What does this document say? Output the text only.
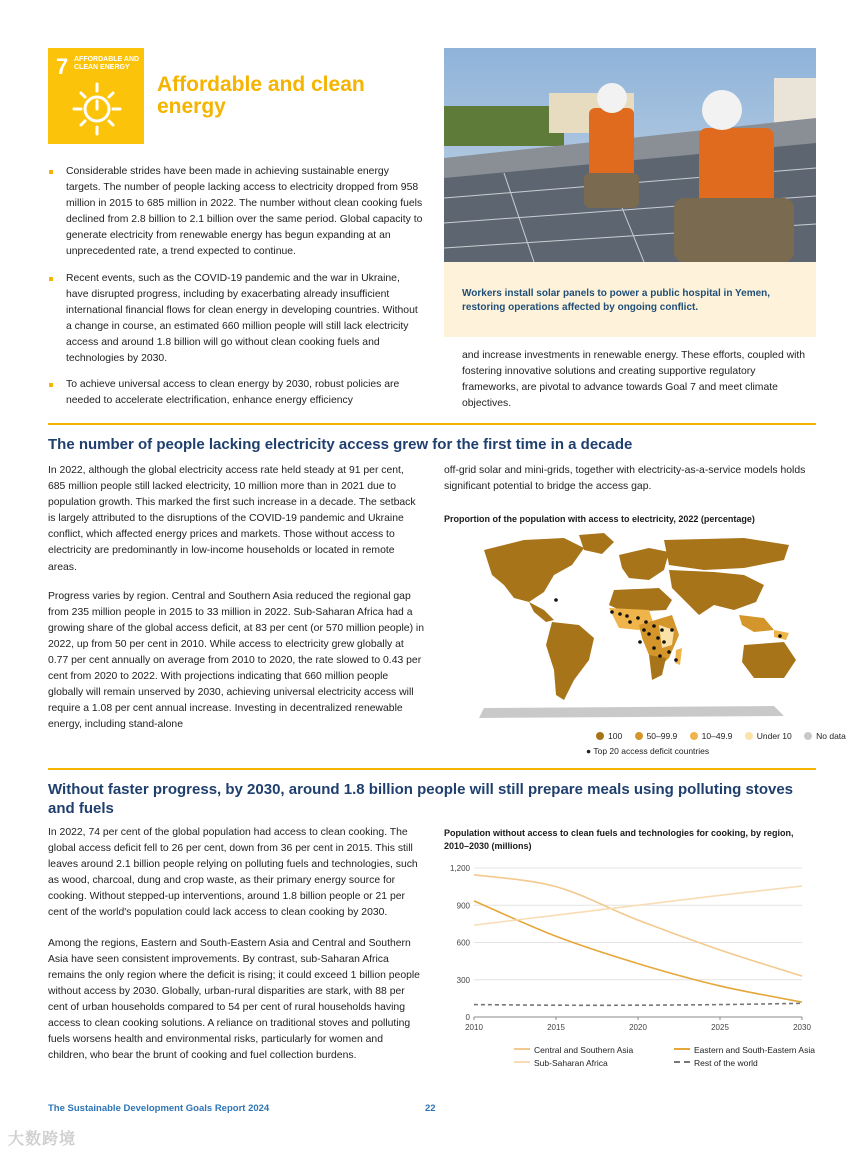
7 AFFORDABLE AND CLEAN ENERGY
Affordable and clean energy
Considerable strides have been made in achieving sustainable energy targets. The number of people lacking access to electricity dropped from 958 million in 2015 to 685 million in 2022. The number without clean cooking fuels declined from 2.8 billion to 2.1 billion over the same period. Global capacity to generate electricity from renewable energy has begun expanding at an unprecedented rate, a trend expected to continue.
Recent events, such as the COVID-19 pandemic and the war in Ukraine, have disrupted progress, including by exacerbating already insufficient international financial flows for clean energy in developing countries. Without a change in course, an estimated 660 million people will still lack electricity access and around 1.8 billion will go without clean cooking fuels and technologies by 2030.
To achieve universal access to clean energy by 2030, robust policies are needed to accelerate electrification, enhance energy efficiency
Workers install solar panels to power a public hospital in Yemen, restoring operations affected by ongoing conflict.

and increase investments in renewable energy. These efforts, coupled with fostering innovative solutions and creating supportive regulatory frameworks, are pivotal to advance towards Goal 7 and meet climate objectives.

The number of people lacking electricity access grew for the first time in a decade

In 2022, although the global electricity access rate held steady at 91 per cent, 685 million people still lacked electricity, 10 million more than in 2021 due to population growth. This marked the first such increase in a decade. The setback is largely attributed to the disruptions of the COVID-19 pandemic and Ukraine conflict, which affected energy prices and markets. Those without access to electricity are predominantly in low-income households or located in remote areas.

Progress varies by region. Central and Southern Asia reduced the regional gap from 235 million people in 2015 to 33 million in 2022. Sub-Saharan Africa had a growing share of the global access deficit, at 83 per cent (or 570 million people) in 2022, up from 50 per cent in 2010. While access to electricity grew globally at 0.77 per cent annually on average from 2010 to 2020, the rate slowed to 0.43 per cent from 2020 to 2022. With projections indicating that 660 million people globally will remain unserved by 2030, achieving universal electricity access will require a 1.08 per cent annual increase. Investing in decentralized renewable energy, including stand-alone

off-grid solar and mini-grids, together with electricity-as-a-service models holds significant potential to bridge the access gap.

Proportion of the population with access to electricity, 2022 (percentage)

100	50–99.9	10–49.9	Under 10	No data
● Top 20 access deficit countries
Without faster progress, by 2030, around 1.8 billion people will still prepare meals using polluting stoves and fuels

In 2022, 74 per cent of the global population had access to clean cooking. The global access deficit fell to 26 per cent, down from 36 per cent in 2015. This still leaves around 2.1 billion people relying on polluting fuels and technologies, such as wood, charcoal, dung and crop waste, as their primary energy source for cooking. Without stepped-up interventions, around 1.8 billion people or 21 per cent of the world's population could lack access to clean cooking by 2030.

Among the regions, Eastern and South-Eastern Asia and Central and Southern Asia have seen consistent improvements. By contrast, sub-Saharan Africa remains the only region where the deficit is rising; it could exceed 1 billion people without access by 2030. Globally, urban-rural disparities are stark, with 88 per cent of urban households compared to 54 per cent of rural households having access to clean cooking solutions. A reliance on traditional stoves and polluting fuels worsens health and environmental risks, particularly for women and children, who bear the brunt of cooking and fuel collection burdens.

Population without access to clean fuels and technologies for cooking, by region, 2010–2030 (millions)

0
300
600
900
1,200
2010	2015	2020	2025	2030
Central and Southern Asia	Eastern and South-Eastern Asia
Sub-Saharan Africa	Rest of the world
The Sustainable Development Goals Report 2024	22
大数跨境
